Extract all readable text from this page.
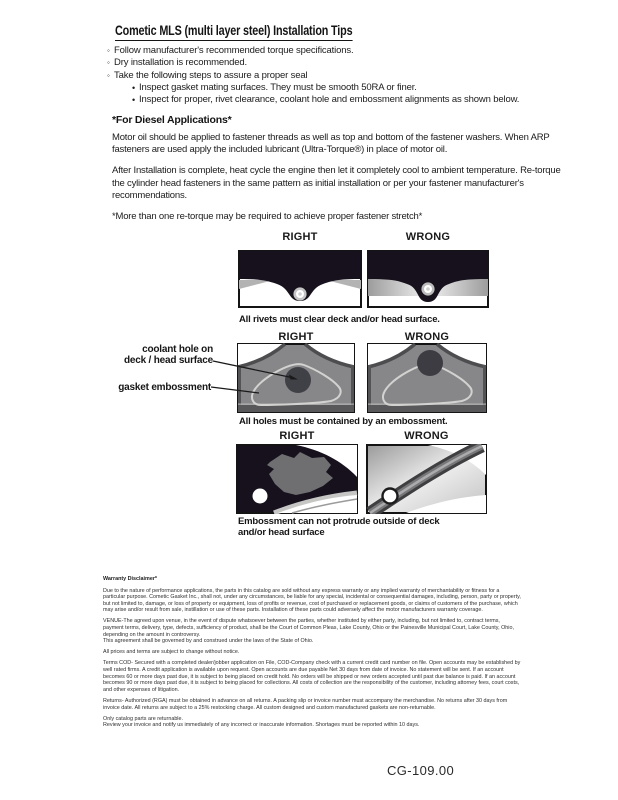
Cometic MLS (multi layer steel) Installation Tips
◦ Follow manufacturer's recommended torque specifications.
◦ Dry installation is recommended.
◦ Take the following steps to assure a proper seal
• Inspect gasket mating surfaces. They must be smooth 50RA or finer.
• Inspect for proper, rivet clearance, coolant hole and embossment alignments as shown below.
*For Diesel Applications*

Motor oil should be applied to fastener threads as well as top and bottom of the fastener washers. When ARP fasteners are used apply the included lubricant (Ultra-Torque®) in place of motor oil.

After Installation is complete, heat cycle the engine then let it completely cool to ambient temperature. Re-torque the cylinder head fasteners in the same pattern as initial installation or per your fastener manufacturer's recommendations.

*More than one re-torque may be required to achieve proper fastener stretch*

RIGHT	WRONG
All rivets must clear deck and/or head surface.
RIGHT	WRONG
coolant hole on
deck / head surface
gasket embossment
All holes must be contained by an embossment.
RIGHT	WRONG
Embossment can not protrude outside of deck and/or head surface
Warranty Disclaimer*

Due to the nature of performance applications, the parts in this catalog are sold without any express warranty or any implied warranty of merchantability or fitness for a particular purpose. Cometic Gasket Inc., shall not, under any circumstances, be liable for any special, incidental or consequential damages, including, person, party or property, but not limited to, damage, or loss of property or equipment, loss of profits or revenue, cost of purchased or replacement goods, or claims of customers of the purchase, which may arise and/or result from sale, instillation or use of these parts. Installation of these parts could adversely affect the motor manufacturers warranty coverage.

VENUE-The agreed upon venue, in the event of dispute whatsoever between the parties, whether instituted by either party, including, but not limited to, contract terms, payment terms, delivery, type, defects, sufficiency of product, shall be the Court of Common Pleas, Lake County, Ohio or the Painesville Municipal Court, Lake County, Ohio, depending on the amount in controversy.

This agreement shall be governed by and construed under the laws of the State of Ohio.

All prices and terms are subject to change without notice.

Terms COD- Secured with a completed dealer/jobber application on File, COD-Company check with a current credit card number on file. Open accounts may be established by well rated firms. A credit application is available upon request. Open accounts are due payable Net 30 days from date of invoice. No statement will be sent. If an account becomes 60 or more days past due, it is subject to being placed on credit hold. No orders will be shipped or new orders accepted until past due balance is paid. If an account becomes 90 or more days past due, it is subject to being placed for collections. All costs of collection are the responsibility of the customer, including attorney fees, court costs, and other expenses of litigation.

Returns- Authorized (RGA) must be obtained in advance on all returns. A packing slip or invoice number must accompany the merchandise. No returns after 30 days from invoice date. All returns are subject to a 25% restocking charge. All custom designed and custom manufactured gaskets are non-returnable.

Only catalog parts are returnable.

Review your invoice and notify us immediately of any incorrect or inaccurate information. Shortages must be reported within 10 days.

CG-109.00
